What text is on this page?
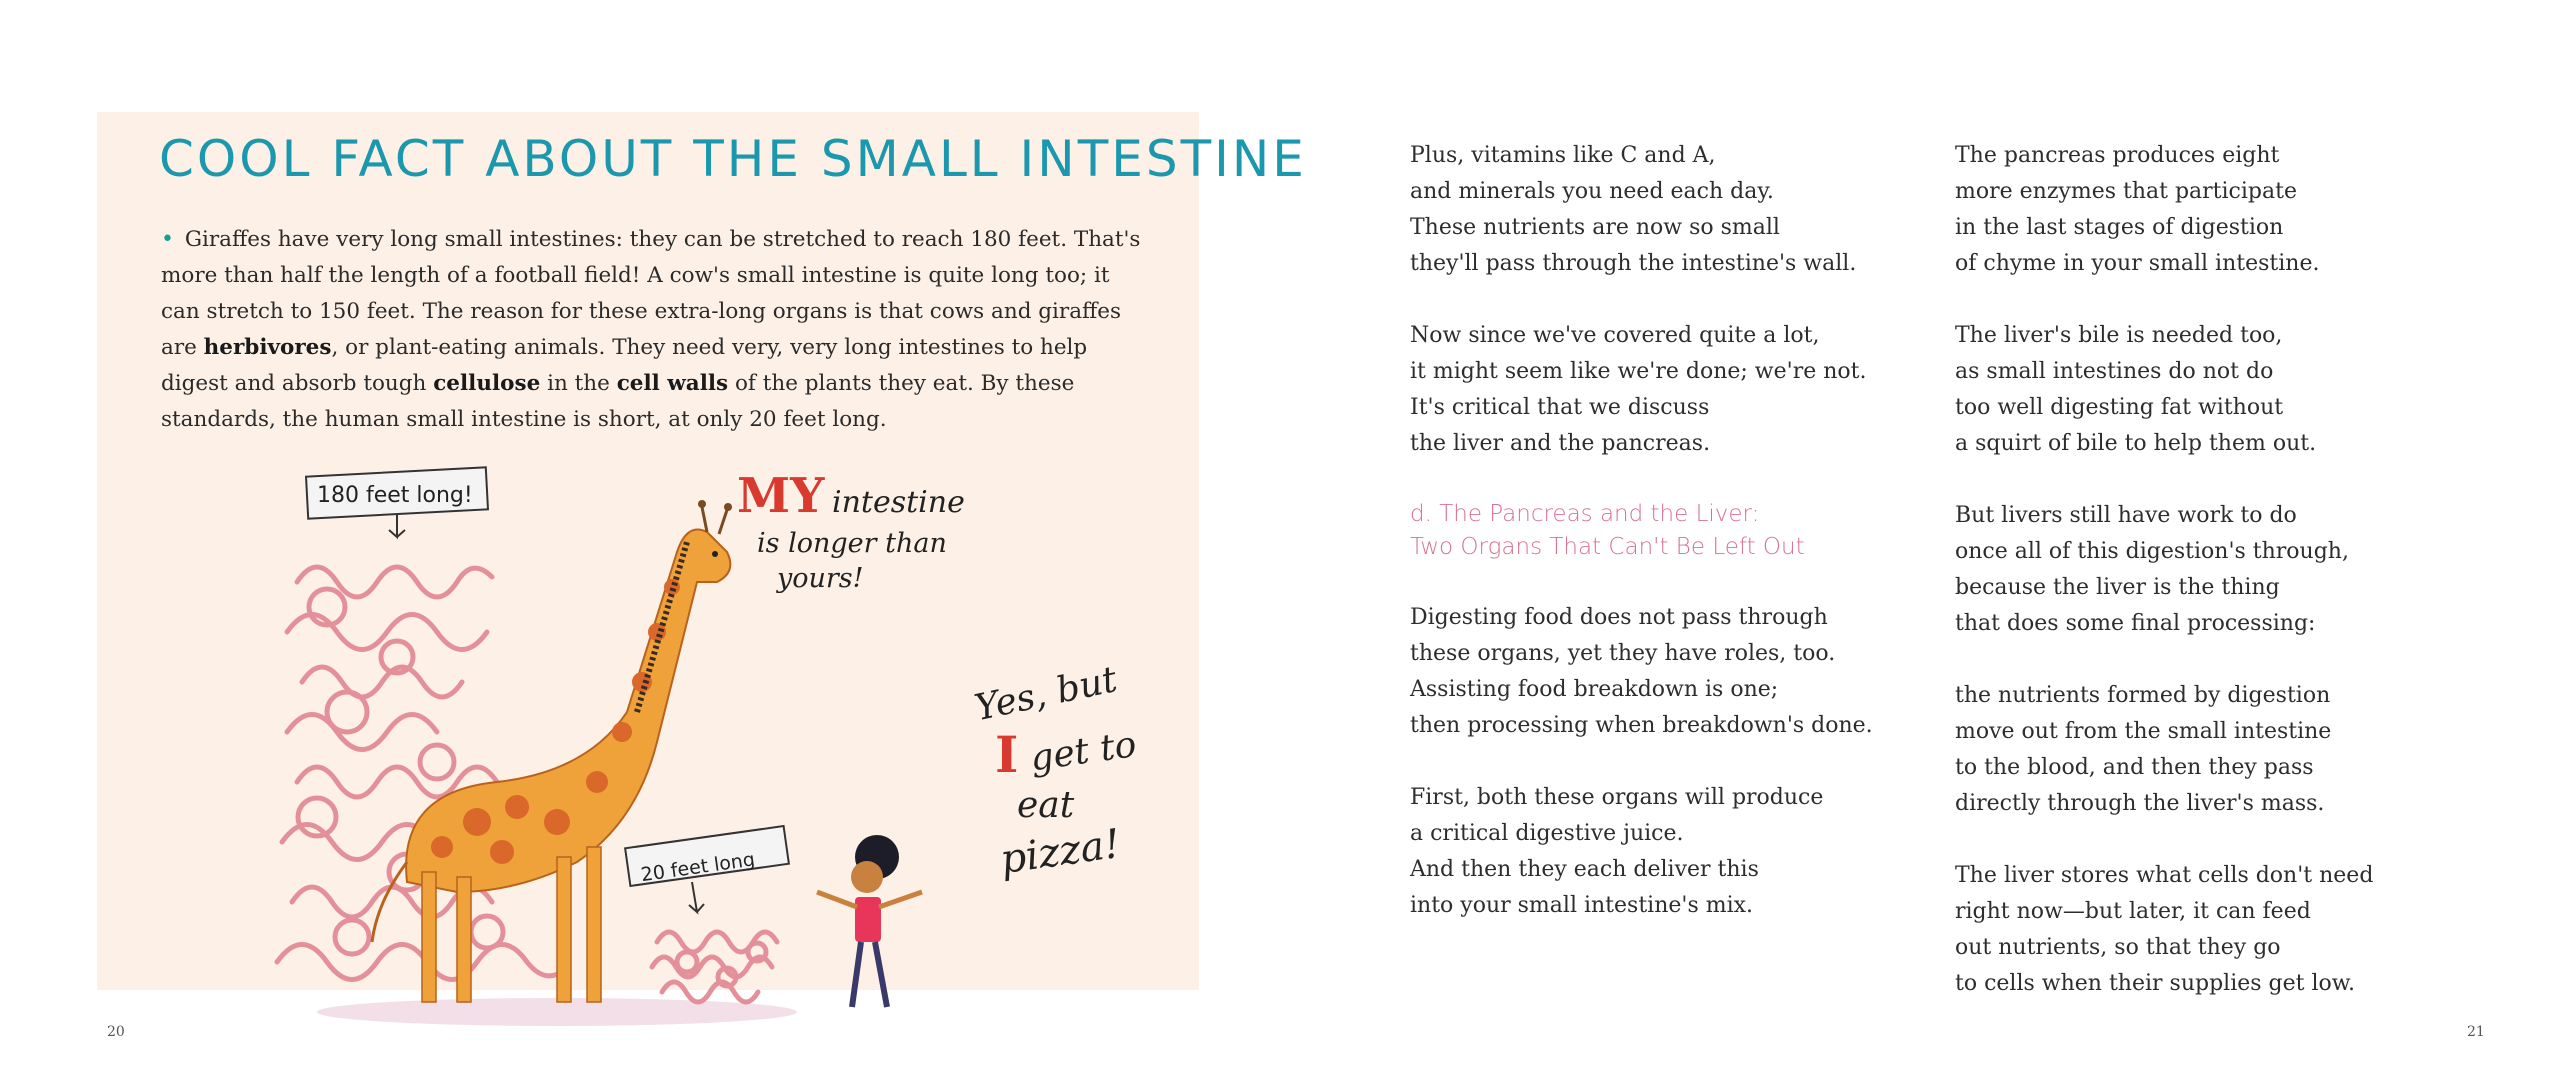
COOL FACT ABOUT THE SMALL INTESTINE

• Giraffes have very long small intestines: they can be stretched to reach 180 feet. That's more than half the length of a football field! A cow's small intestine is quite long too; it can stretch to 150 feet. The reason for these extra-long organs is that cows and giraffes are herbivores, or plant-eating animals. They need very, very long intestines to help digest and absorb tough cellulose in the cell walls of the plants they eat. By these standards, the human small intestine is short, at only 20 feet long.

180 feet long!	MY intestine
is longer than
yours!
20 feet long
Yes, but
I get to
eat
pizza!
20

Plus, vitamins like C and A,
and minerals you need each day.
These nutrients are now so small
they'll pass through the intestine's wall.

Now since we've covered quite a lot,
it might seem like we're done; we're not.
It's critical that we discuss
the liver and the pancreas.

d. The Pancreas and the Liver:
Two Organs That Can't Be Left Out

Digesting food does not pass through
these organs, yet they have roles, too.
Assisting food breakdown is one;
then processing when breakdown's done.

First, both these organs will produce
a critical digestive juice.
And then they each deliver this
into your small intestine's mix.

The pancreas produces eight
more enzymes that participate
in the last stages of digestion
of chyme in your small intestine.

The liver's bile is needed too,
as small intestines do not do
too well digesting fat without
a squirt of bile to help them out.

But livers still have work to do
once all of this digestion's through,
because the liver is the thing
that does some final processing:

the nutrients formed by digestion
move out from the small intestine
to the blood, and then they pass
directly through the liver's mass.

The liver stores what cells don't need
right now—but later, it can feed
out nutrients, so that they go
to cells when their supplies get low.

21
